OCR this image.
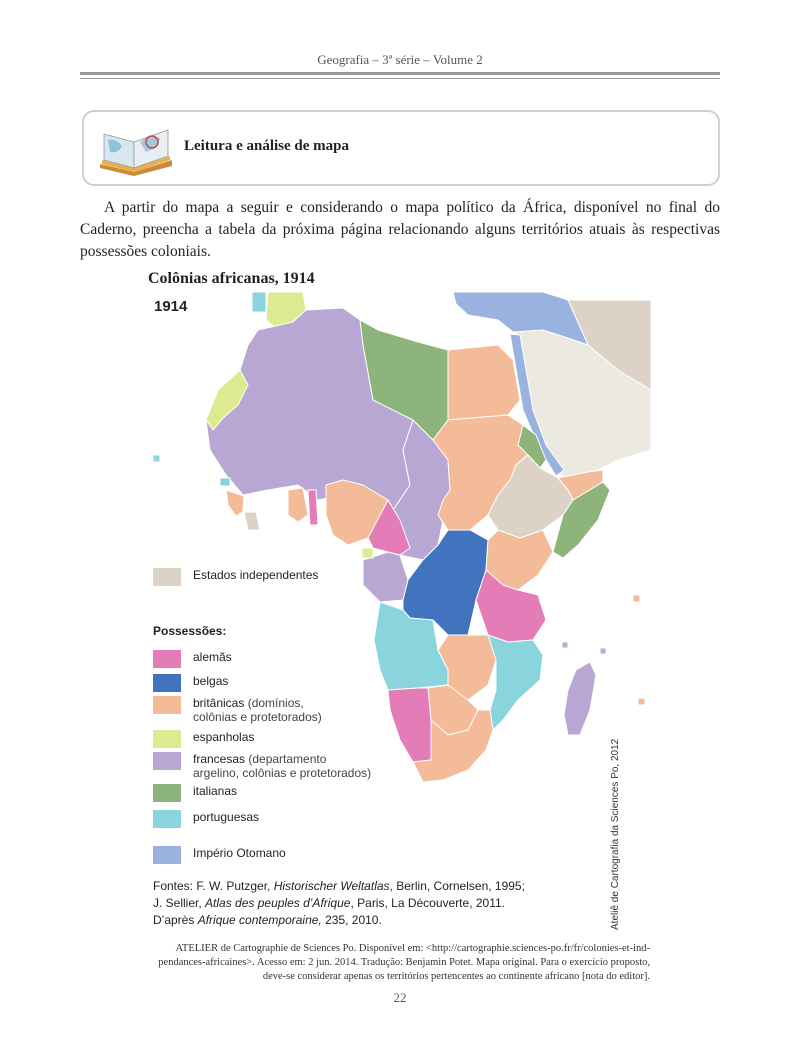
Geografia – 3ª série – Volume 2
Leitura e análise de mapa
A partir do mapa a seguir e considerando o mapa político da África, disponível no final do Caderno, preencha a tabela da próxima página relacionando alguns territórios atuais às respectivas possessões coloniais.
Colônias africanas, 1914
1914
Estados independentes
Possessões:
alemãs
belgas
britânicas (domínios,
colônias e protetorados)
espanholas
francesas (departamento
argelino, colônias e protetorados)
italianas
portuguesas
Império Otomano
Fontes: F. W. Putzger, Historischer Weltatlas, Berlin, Cornelsen, 1995;
J. Sellier, Atlas des peuples d’Afrique, Paris, La Découverte, 2011.
D’après Afrique contemporaine, 235, 2010.	Ateliê de Cartografia da Sciences Po, 2012
ATELIER de Cartographie de Sciences Po. Disponível em: <http://cartographie.sciences-po.fr/fr/colonies-et-ind-
pendances-africaines>. Acesso em: 2 jun. 2014. Tradução: Benjamin Potet. Mapa original. Para o exercício proposto,
deve-se considerar apenas os territórios pertencentes ao continente africano [nota do editor].
22
